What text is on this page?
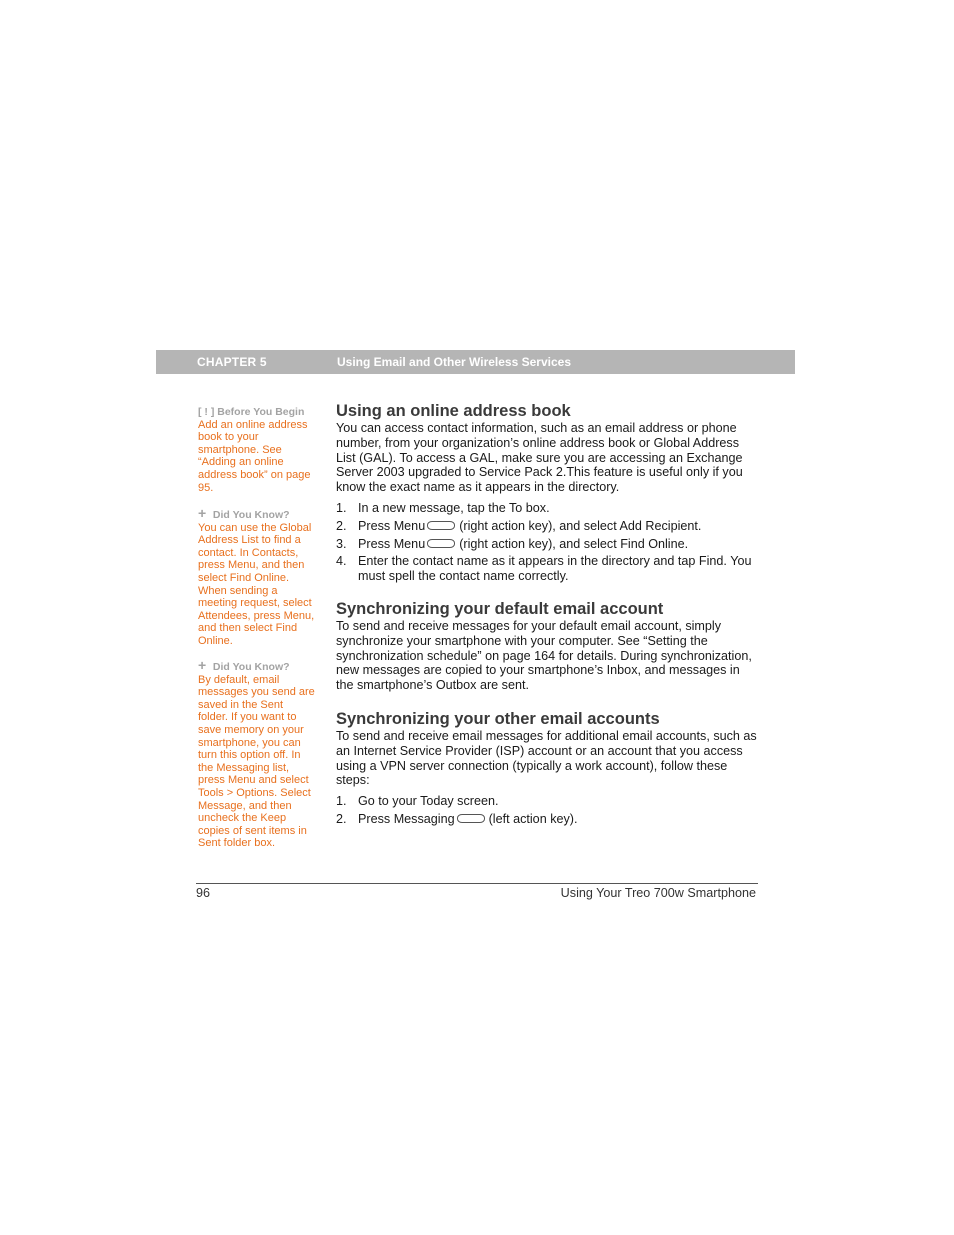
CHAPTER 5	Using Email and Other Wireless Services
[ ! ] Before You Begin

Add an online address book to your smartphone. See “Adding an online address book” on page 95.

+ Did You Know?

You can use the Global Address List to find a contact. In Contacts, press Menu, and then select Find Online. When sending a meeting request, select Attendees, press Menu, and then select Find Online.

+ Did You Know?

By default, email messages you send are saved in the Sent folder. If you want to save memory on your smartphone, you can turn this option off. In the Messaging list, press Menu and select Tools > Options. Select Message, and then uncheck the Keep copies of sent items in Sent folder box.

Using an online address book

You can access contact information, such as an email address or phone number, from your organization’s online address book or Global Address List (GAL). To access a GAL, make sure you are accessing an Exchange Server 2003 upgraded to Service Pack 2.This feature is useful only if you know the exact name as it appears in the directory.

1. In a new message, tap the To box.
2. Press Menu	(right action key), and select Add Recipient.
3. Press Menu	(right action key), and select Find Online.
4. Enter the contact name as it appears in the directory and tap Find. You must spell the contact name correctly.
Synchronizing your default email account

To send and receive messages for your default email account, simply synchronize your smartphone with your computer. See “Setting the synchronization schedule” on page 164 for details. During synchronization, new messages are copied to your smartphone’s Inbox, and messages in the smartphone’s Outbox are sent.

Synchronizing your other email accounts

To send and receive email messages for additional email accounts, such as an Internet Service Provider (ISP) account or an account that you access using a VPN server connection (typically a work account), follow these steps:

1. Go to your Today screen.
2. Press Messaging	(left action key).
96	Using Your Treo 700w Smartphone
